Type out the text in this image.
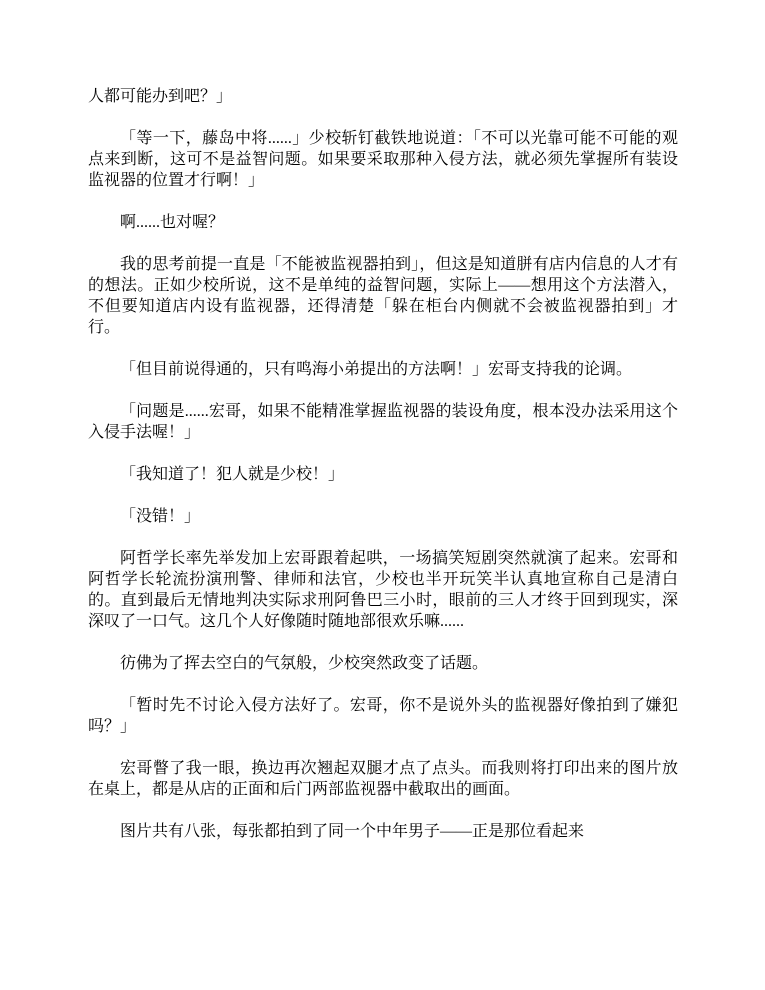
人都可能办到吧？」

「等一下，藤岛中将......」少校斩钉截铁地说道：「不可以光靠可能不可能的观点来到断，这可不是益智问题。如果要采取那种入侵方法，就必须先掌握所有装设监视器的位置才行啊！」

啊......也对喔？

我的思考前提一直是「不能被监视器拍到」，但这是知道胼有店内信息的人才有的想法。正如少校所说，这不是单纯的益智问题，实际上——想用这个方法潜入，不但要知道店内设有监视器，还得清楚「躲在柜台内侧就不会被监视器拍到」才行。

「但目前说得通的，只有鸣海小弟提出的方法啊！」宏哥支持我的论调。

「问题是......宏哥，如果不能精准掌握监视器的装设角度，根本没办法采用这个入侵手法喔！」

「我知道了！犯人就是少校！」

「没错！」

阿哲学长率先举发加上宏哥跟着起哄，一场搞笑短剧突然就演了起来。宏哥和阿哲学长轮流扮演刑警、律师和法官，少校也半开玩笑半认真地宣称自己是清白的。直到最后无情地判决实际求刑阿鲁巴三小时，眼前的三人才终于回到现实，深深叹了一口气。这几个人好像随时随地部很欢乐嘛......

彷佛为了挥去空白的气氛般，少校突然政变了话题。

「暂时先不讨论入侵方法好了。宏哥，你不是说外头的监视器好像拍到了嫌犯吗？」

宏哥瞥了我一眼，换边再次翘起双腿才点了点头。而我则将打印出来的图片放在桌上，都是从店的正面和后门两部监视器中截取出的画面。

图片共有八张，每张都拍到了同一个中年男子——正是那位看起来
